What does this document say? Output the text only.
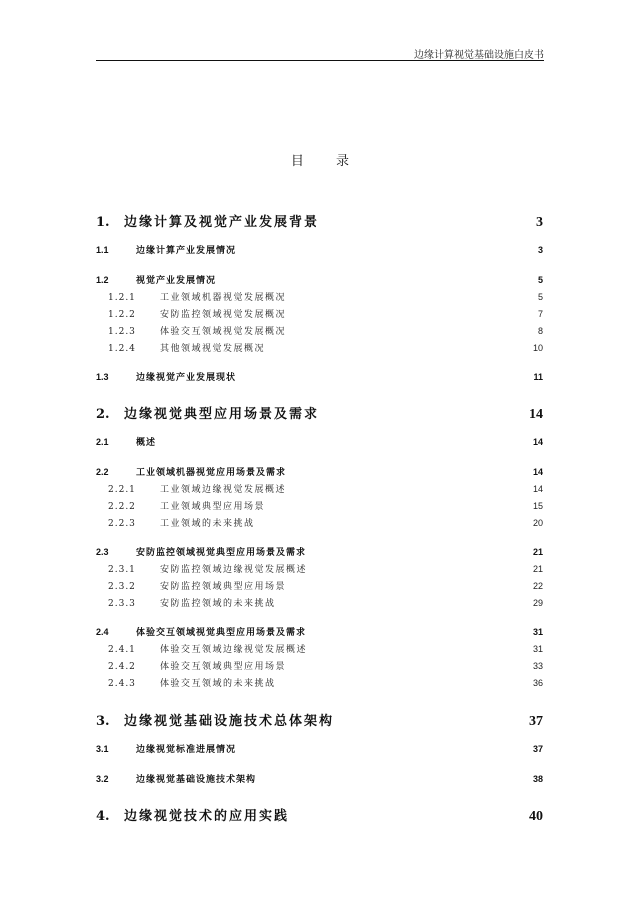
边缘计算视觉基础设施白皮书
目 录
1.	边缘计算及视觉产业发展背景	3
1.1	边缘计算产业发展情况	3
1.2	视觉产业发展情况	5
1.2.1	工业领域机器视觉发展概况	5
1.2.2	安防监控领域视觉发展概况	7
1.2.3	体验交互领域视觉发展概况	8
1.2.4	其他领域视觉发展概况	10
1.3	边缘视觉产业发展现状	11
2.	边缘视觉典型应用场景及需求	14
2.1	概述	14
2.2	工业领域机器视觉应用场景及需求	14
2.2.1	工业领域边缘视觉发展概述	14
2.2.2	工业领域典型应用场景	15
2.2.3	工业领域的未来挑战	20
2.3	安防监控领域视觉典型应用场景及需求	21
2.3.1	安防监控领域边缘视觉发展概述	21
2.3.2	安防监控领域典型应用场景	22
2.3.3	安防监控领域的未来挑战	29
2.4	体验交互领域视觉典型应用场景及需求	31
2.4.1	体验交互领域边缘视觉发展概述	31
2.4.2	体验交互领域典型应用场景	33
2.4.3	体验交互领域的未来挑战	36
3.	边缘视觉基础设施技术总体架构	37
3.1	边缘视觉标准进展情况	37
3.2	边缘视觉基础设施技术架构	38
4.	边缘视觉技术的应用实践	40
